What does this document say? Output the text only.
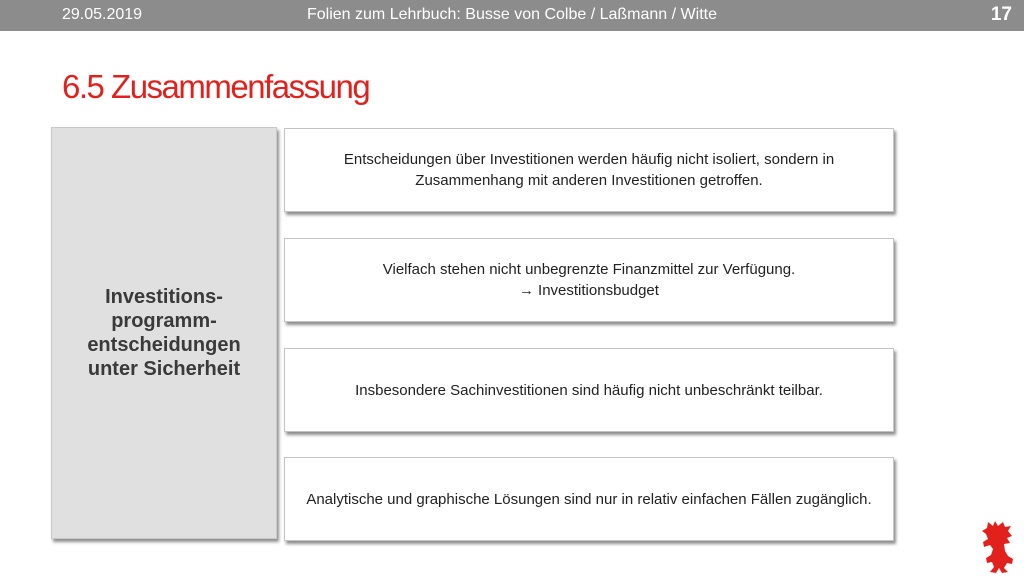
29.05.2019	Folien zum Lehrbuch: Busse von Colbe / Laßmann / Witte	17
6.5 Zusammenfassung
Investitions-
programm-
entscheidungen
unter Sicherheit
Entscheidungen über Investitionen werden häufig nicht isoliert, sondern in Zusammenhang mit anderen Investitionen getroffen.
Vielfach stehen nicht unbegrenzte Finanzmittel zur Verfügung.
→ Investitionsbudget
Insbesondere Sachinvestitionen sind häufig nicht unbeschränkt teilbar.
Analytische und graphische Lösungen sind nur in relativ einfachen Fällen zugänglich.
